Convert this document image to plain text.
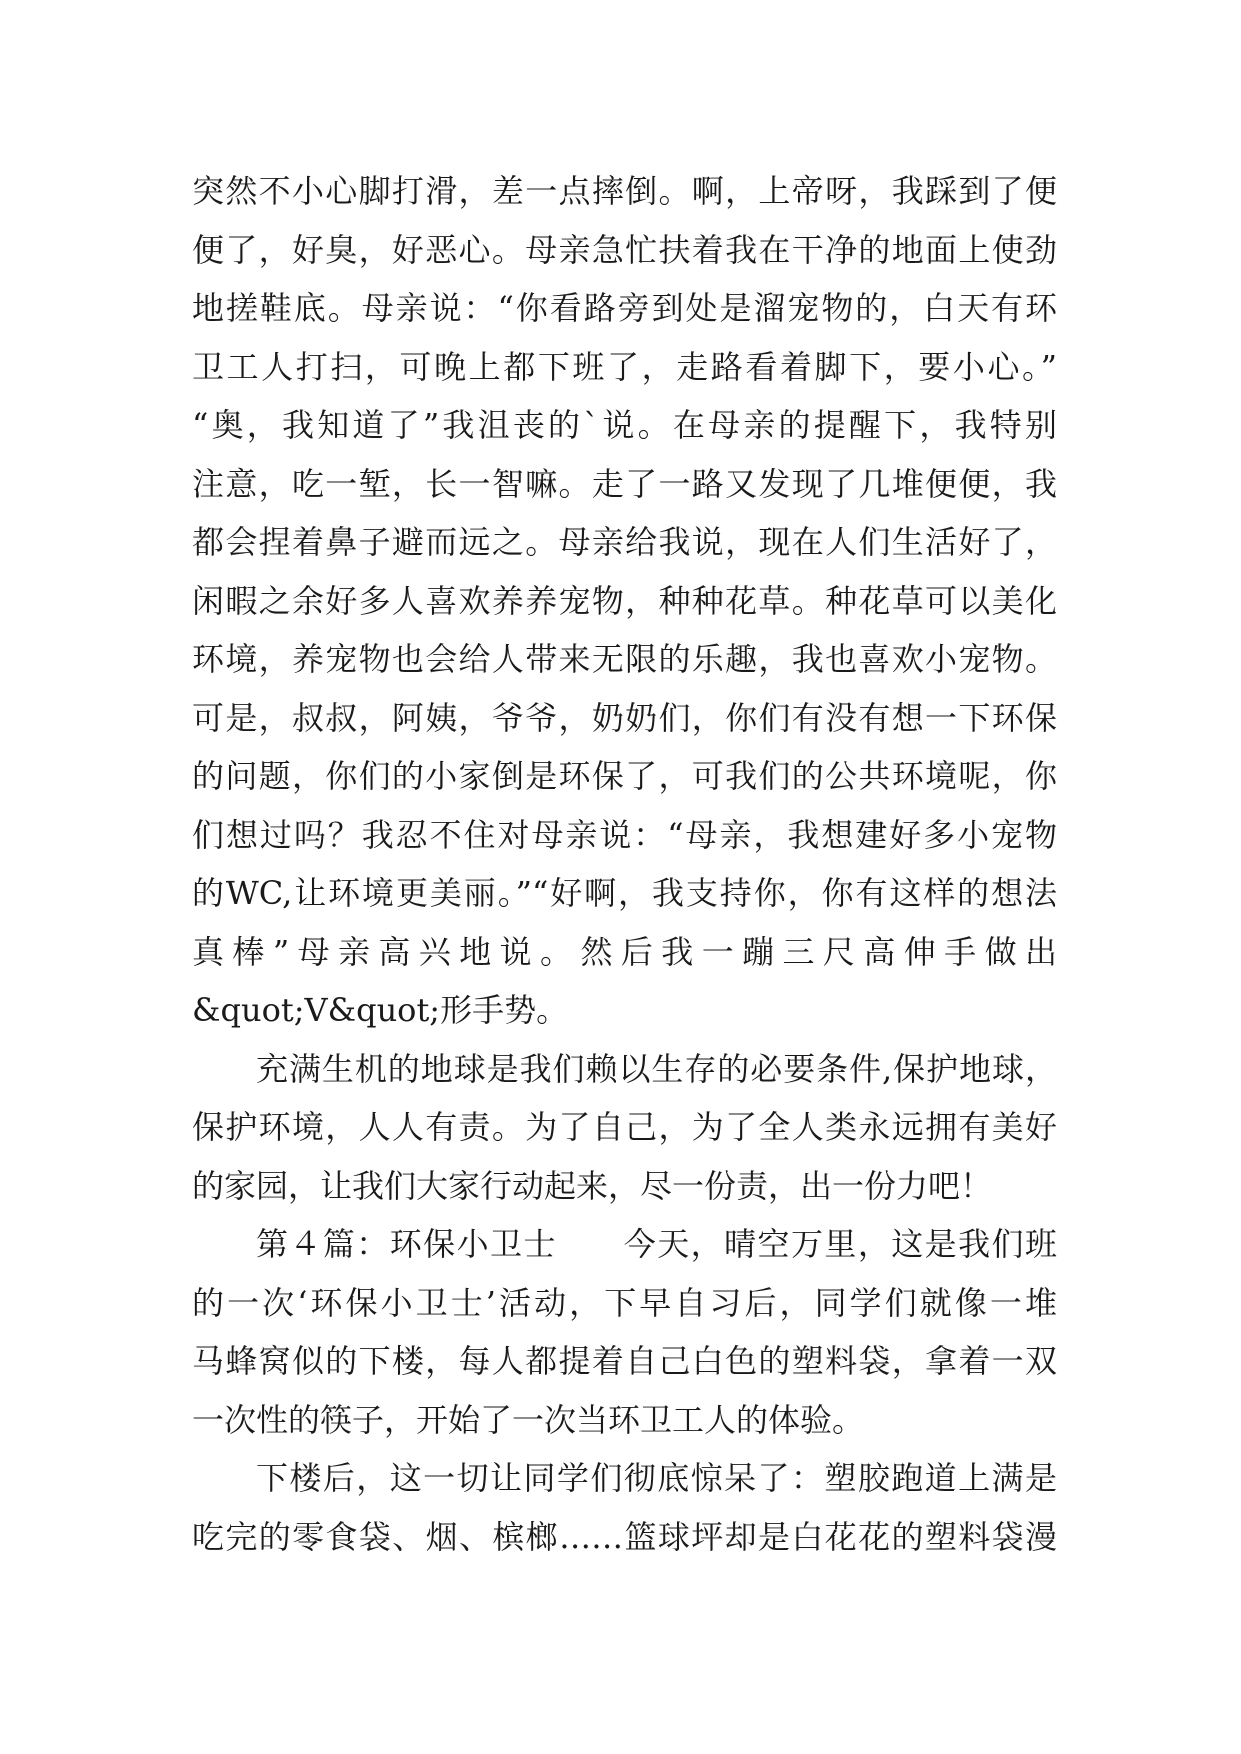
突然不小心脚打滑，差一点摔倒。啊，上帝呀，我踩到了便
便了，好臭，好恶心。母亲急忙扶着我在干净的地面上使劲
地搓鞋底。母亲说：“你看路旁到处是溜宠物的，白天有环
卫工人打扫，可晚上都下班了，走路看着脚下，要小心。”
“奥，我知道了”我沮丧的`说。在母亲的提醒下，我特别
注意，吃一堑，长一智嘛。走了一路又发现了几堆便便，我
都会捏着鼻子避而远之。母亲给我说，现在人们生活好了，
闲暇之余好多人喜欢养养宠物，种种花草。种花草可以美化
环境，养宠物也会给人带来无限的乐趣，我也喜欢小宠物。
可是，叔叔，阿姨，爷爷，奶奶们，你们有没有想一下环保
的问题，你们的小家倒是环保了，可我们的公共环境呢，你
们想过吗？我忍不住对母亲说：“母亲，我想建好多小宠物
的WC,让环境更美丽。”“好啊，我支持你，你有这样的想法
真棒”母亲高兴地说。然后我一蹦三尺高伸手做出
&quot;V&quot;形手势。
充满生机的地球是我们赖以生存的必要条件,保护地球，
保护环境，人人有责。为了自己，为了全人类永远拥有美好
的家园，让我们大家行动起来，尽一份责，出一份力吧！
第４篇：环保小卫士　　今天，晴空万里，这是我们班
的一次‘环保小卫士’活动，下早自习后，同学们就像一堆
马蜂窝似的下楼，每人都提着自己白色的塑料袋，拿着一双
一次性的筷子，开始了一次当环卫工人的体验。
下楼后，这一切让同学们彻底惊呆了：塑胶跑道上满是
吃完的零食袋、烟、槟榔……篮球坪却是白花花的塑料袋漫
